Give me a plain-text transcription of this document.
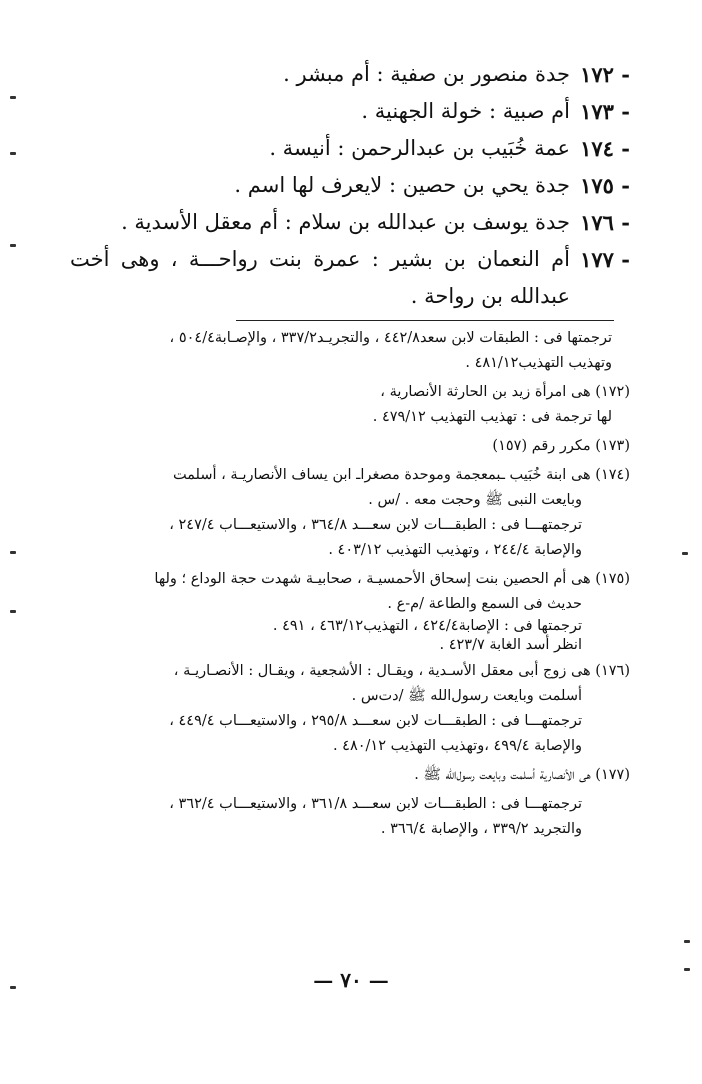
- ١٧٢
جدة منصور بن صفية : أم مبشر .
- ١٧٣
أم صبية : خولة الجهنية .
- ١٧٤
عمة خُبَيب بن عبدالرحمن : أنيسة .
- ١٧٥
جدة يحي بن حصين : لايعرف لها اسم .
- ١٧٦
جدة يوسف بن عبدالله بن سلام : أم معقل الأسدية .
- ١٧٧
أم النعمان بن بشير : عمرة بنت رواحـــة ، وهى أخت عبدالله بن رواحة .
ترجمتها فى : الطبقات لابن سعد٤٤٢/٨ ، والتجريـد٣٣٧/٢ ، والإصـابة٥٠٤/٤ ،
وتهذيب التهذيب٤٨١/١٢ .
(١٧٢) هى امرأة زيد بن الحارثة الأنصارية ،
لها ترجمة فى : تهذيب التهذيب ٤٧٩/١٢ .
(١٧٣) مكرر رقم (١٥٧)
(١٧٤) هى ابنة خُبَيب ـبمعجمة وموحدة مصغراـ ابن يساف الأنصاريـة ، أسلمت
وبايعت النبى ﷺ وحجت معه . /س .
ترجمتهـــا فى : الطبقـــات لابن سعـــد ٣٦٤/٨ ، والاستيعـــاب ٢٤٧/٤ ،
والإصابة ٢٤٤/٤ ، وتهذيب التهذيب ٤٠٣/١٢ .
(١٧٥) هى أم الحصين بنت إسحاق الأحمسيـة ، صحابيـة شهدت حجة الوداع ؛ ولها
حديث فى السمع والطاعة /م-ع .
ترجمتها فى : الإصابة٤٢٤/٤ ، التهذيب٤٦٣/١٢ ، ٤٩١ .
انظر أسد الغابة ٤٢٣/٧ .
(١٧٦) هى زوج أبى معقل الأسـدية ، ويقـال : الأشجعية ، ويقـال : الأنصـاريـة ،
أسلمت وبايعت رسول‌الله ﷺ /دت‌س .
ترجمتهـــا فى : الطبقـــات لابن سعـــد ٢٩٥/٨ ، والاستيعـــاب ٤٤٩/٤ ،
والإصابة ٤٩٩/٤ ،وتهذيب التهذيب ٤٨٠/١٢ .
(١٧٧) هى الأنصارية أسلمت وبايعت رسول‌الله ﷺ .
ترجمتهـــا فى : الطبقـــات لابن سعـــد ٣٦١/٨ ، والاستيعـــاب ٣٦٢/٤ ،
والتجريد ٣٣٩/٢ ، والإصابة ٣٦٦/٤ .
— ٧٠ —
